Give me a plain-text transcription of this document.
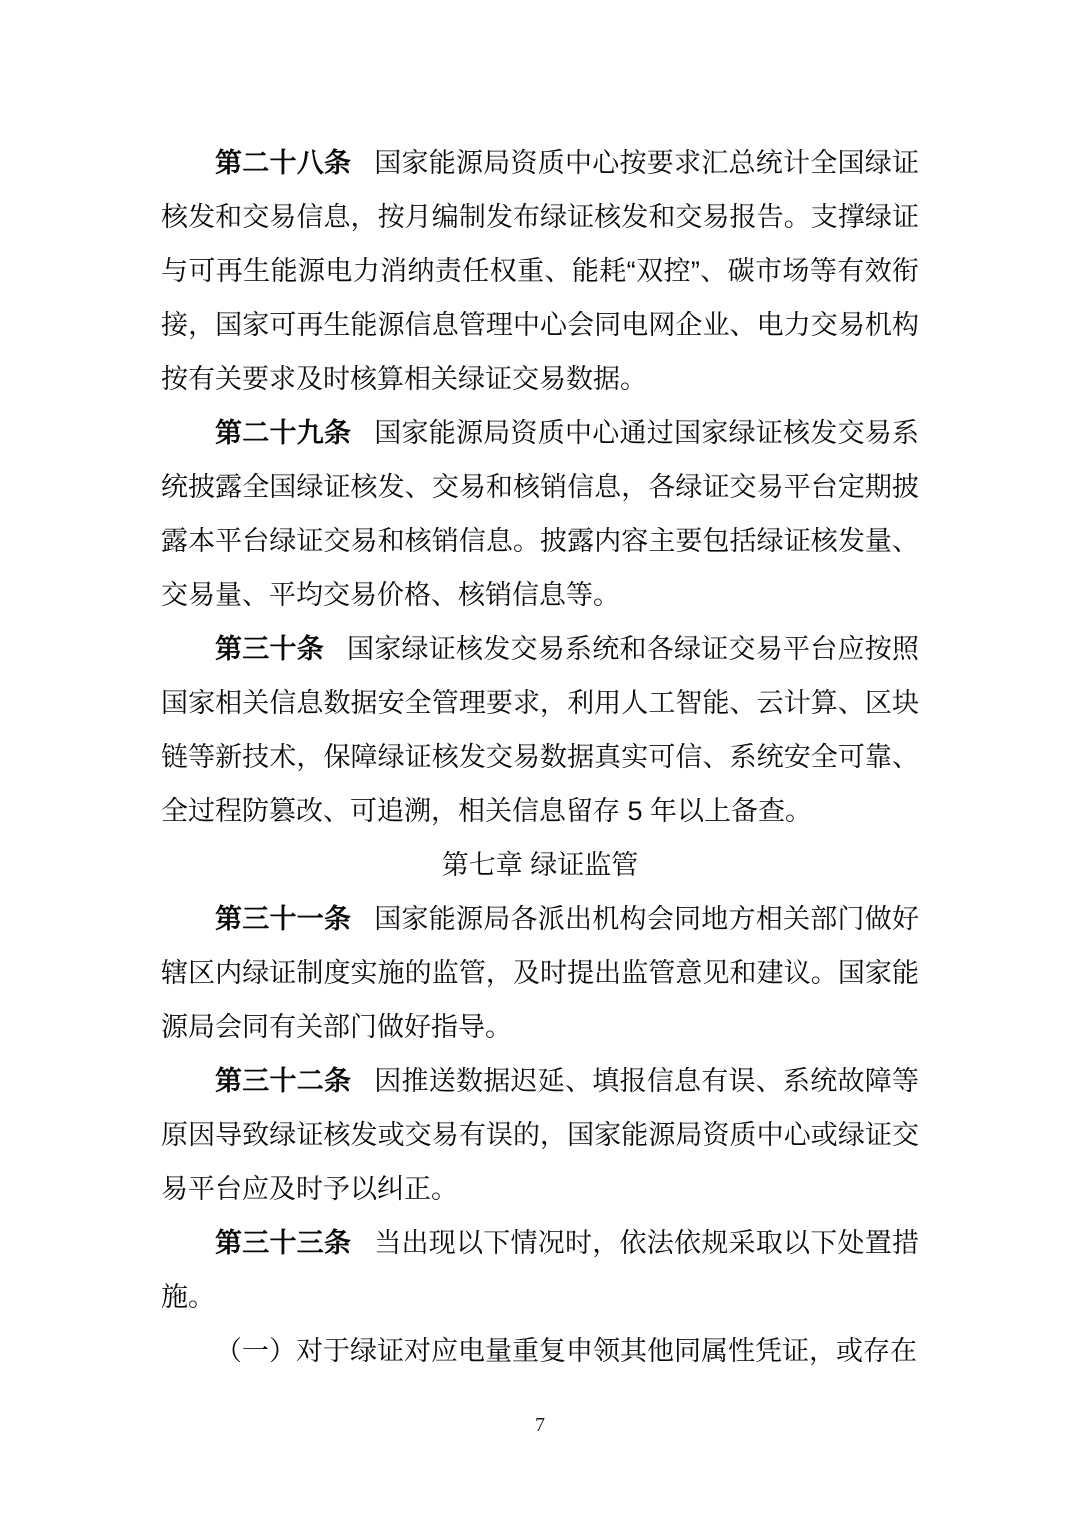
第二十八条 国家能源局资质中心按要求汇总统计全国绿证核发和交易信息，按月编制发布绿证核发和交易报告。支撑绿证与可再生能源电力消纳责任权重、能耗“双控”、碳市场等有效衔接，国家可再生能源信息管理中心会同电网企业、电力交易机构按有关要求及时核算相关绿证交易数据。

第二十九条 国家能源局资质中心通过国家绿证核发交易系统披露全国绿证核发、交易和核销信息，各绿证交易平台定期披露本平台绿证交易和核销信息。披露内容主要包括绿证核发量、交易量、平均交易价格、核销信息等。

第三十条 国家绿证核发交易系统和各绿证交易平台应按照国家相关信息数据安全管理要求，利用人工智能、云计算、区块链等新技术，保障绿证核发交易数据真实可信、系统安全可靠、全过程防篡改、可追溯，相关信息留存 5 年以上备查。

第七章 绿证监管

第三十一条 国家能源局各派出机构会同地方相关部门做好辖区内绿证制度实施的监管，及时提出监管意见和建议。国家能源局会同有关部门做好指导。

第三十二条 因推送数据迟延、填报信息有误、系统故障等原因导致绿证核发或交易有误的，国家能源局资质中心或绿证交易平台应及时予以纠正。

第三十三条 当出现以下情况时，依法依规采取以下处置措施。

（一）对于绿证对应电量重复申领其他同属性凭证，或存在

7
